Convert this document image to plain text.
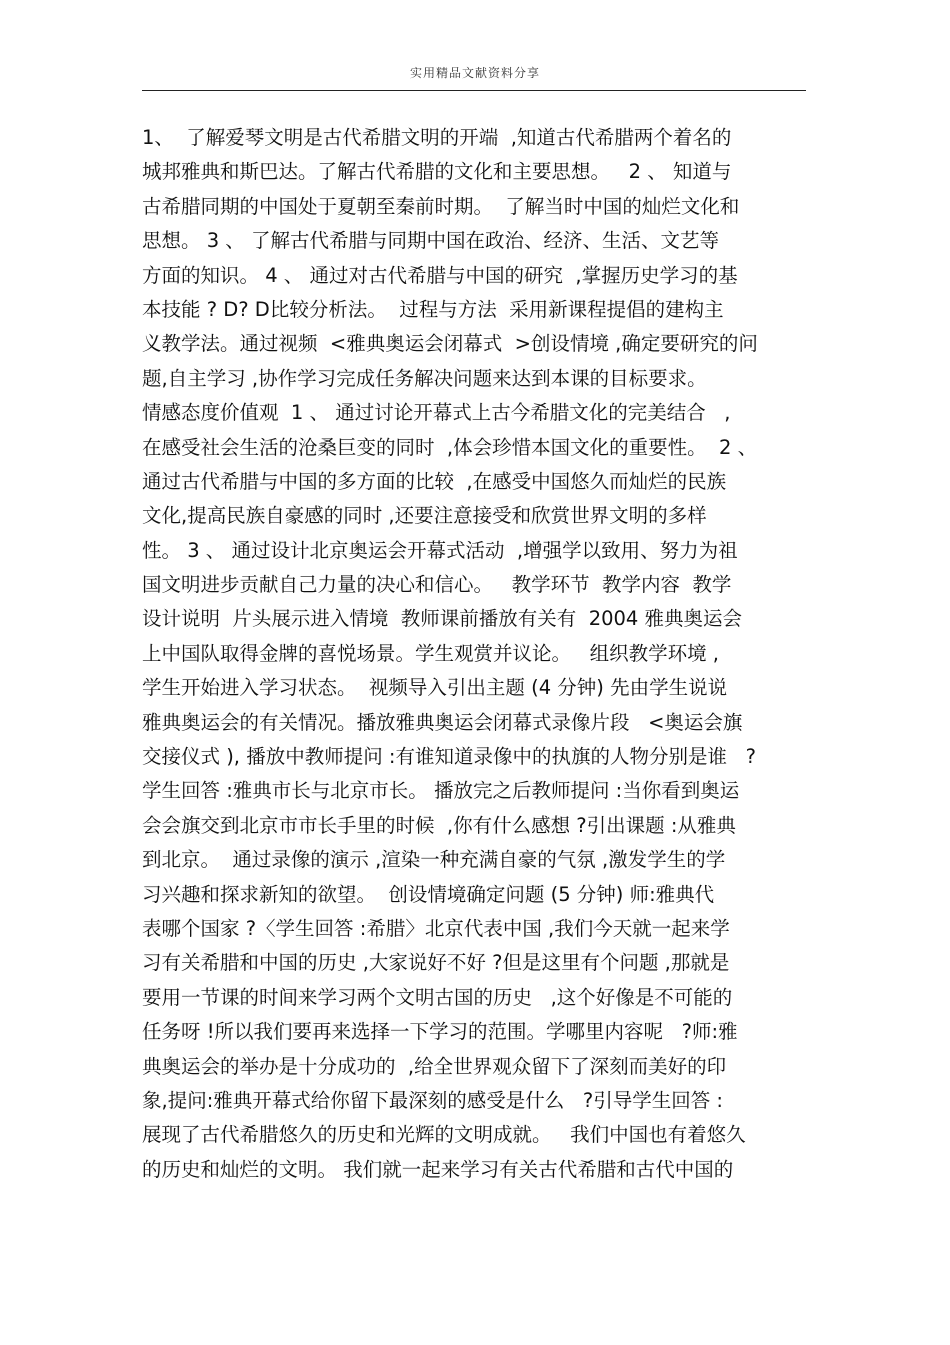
实用精品文献资料分享
1、  了解爱琴文明是古代希腊文明的开端  ,知道古代希腊两个着名的
城邦雅典和斯巴达。了解古代希腊的文化和主要思想。   2 、 知道与
古希腊同期的中国处于夏朝至秦前时期。  了解当时中国的灿烂文化和
思想。 3 、 了解古代希腊与同期中国在政治、经济、生活、文艺等
方面的知识。 4 、 通过对古代希腊与中国的研究  ,掌握历史学习的基
本技能 ? D? D比较分析法。  过程与方法  采用新课程提倡的建构主
义教学法。通过视频  <雅典奥运会闭幕式  >创设情境 ,确定要研究的问
题,自主学习 ,协作学习完成任务解决问题来达到本课的目标要求。
情感态度价值观  1 、 通过讨论开幕式上古今希腊文化的完美结合   ,
在感受社会生活的沧桑巨变的同时  ,体会珍惜本国文化的重要性。  2 、
通过古代希腊与中国的多方面的比较  ,在感受中国悠久而灿烂的民族
文化,提高民族自豪感的同时 ,还要注意接受和欣赏世界文明的多样
性。 3 、 通过设计北京奥运会开幕式活动  ,增强学以致用、努力为祖
国文明进步贡献自己力量的决心和信心。   教学环节  教学内容  教学
设计说明  片头展示进入情境  教师课前播放有关有  2004 雅典奥运会
上中国队取得金牌的喜悦场景。学生观赏并议论。   组织教学环境 ,
学生开始进入学习状态。  视频导入引出主题 (4 分钟) 先由学生说说
雅典奥运会的有关情况。播放雅典奥运会闭幕式录像片段   <奥运会旗
交接仪式 ), 播放中教师提问 :有谁知道录像中的执旗的人物分别是谁   ?
学生回答 :雅典市长与北京市长。 播放完之后教师提问 :当你看到奥运
会会旗交到北京市市长手里的时候  ,你有什么感想 ?引出课题 :从雅典
到北京。  通过录像的演示 ,渲染一种充满自豪的气氛 ,激发学生的学
习兴趣和探求新知的欲望。  创设情境确定问题 (5 分钟) 师:雅典代
表哪个国家 ?〈学生回答 :希腊〉北京代表中国 ,我们今天就一起来学
习有关希腊和中国的历史 ,大家说好不好 ?但是这里有个问题 ,那就是
要用一节课的时间来学习两个文明古国的历史   ,这个好像是不可能的
任务呀 !所以我们要再来选择一下学习的范围。学哪里内容呢   ?师:雅
典奥运会的举办是十分成功的  ,给全世界观众留下了深刻而美好的印
象,提问:雅典开幕式给你留下最深刻的感受是什么   ?引导学生回答 :
展现了古代希腊悠久的历史和光辉的文明成就。   我们中国也有着悠久
的历史和灿烂的文明。 我们就一起来学习有关古代希腊和古代中国的
